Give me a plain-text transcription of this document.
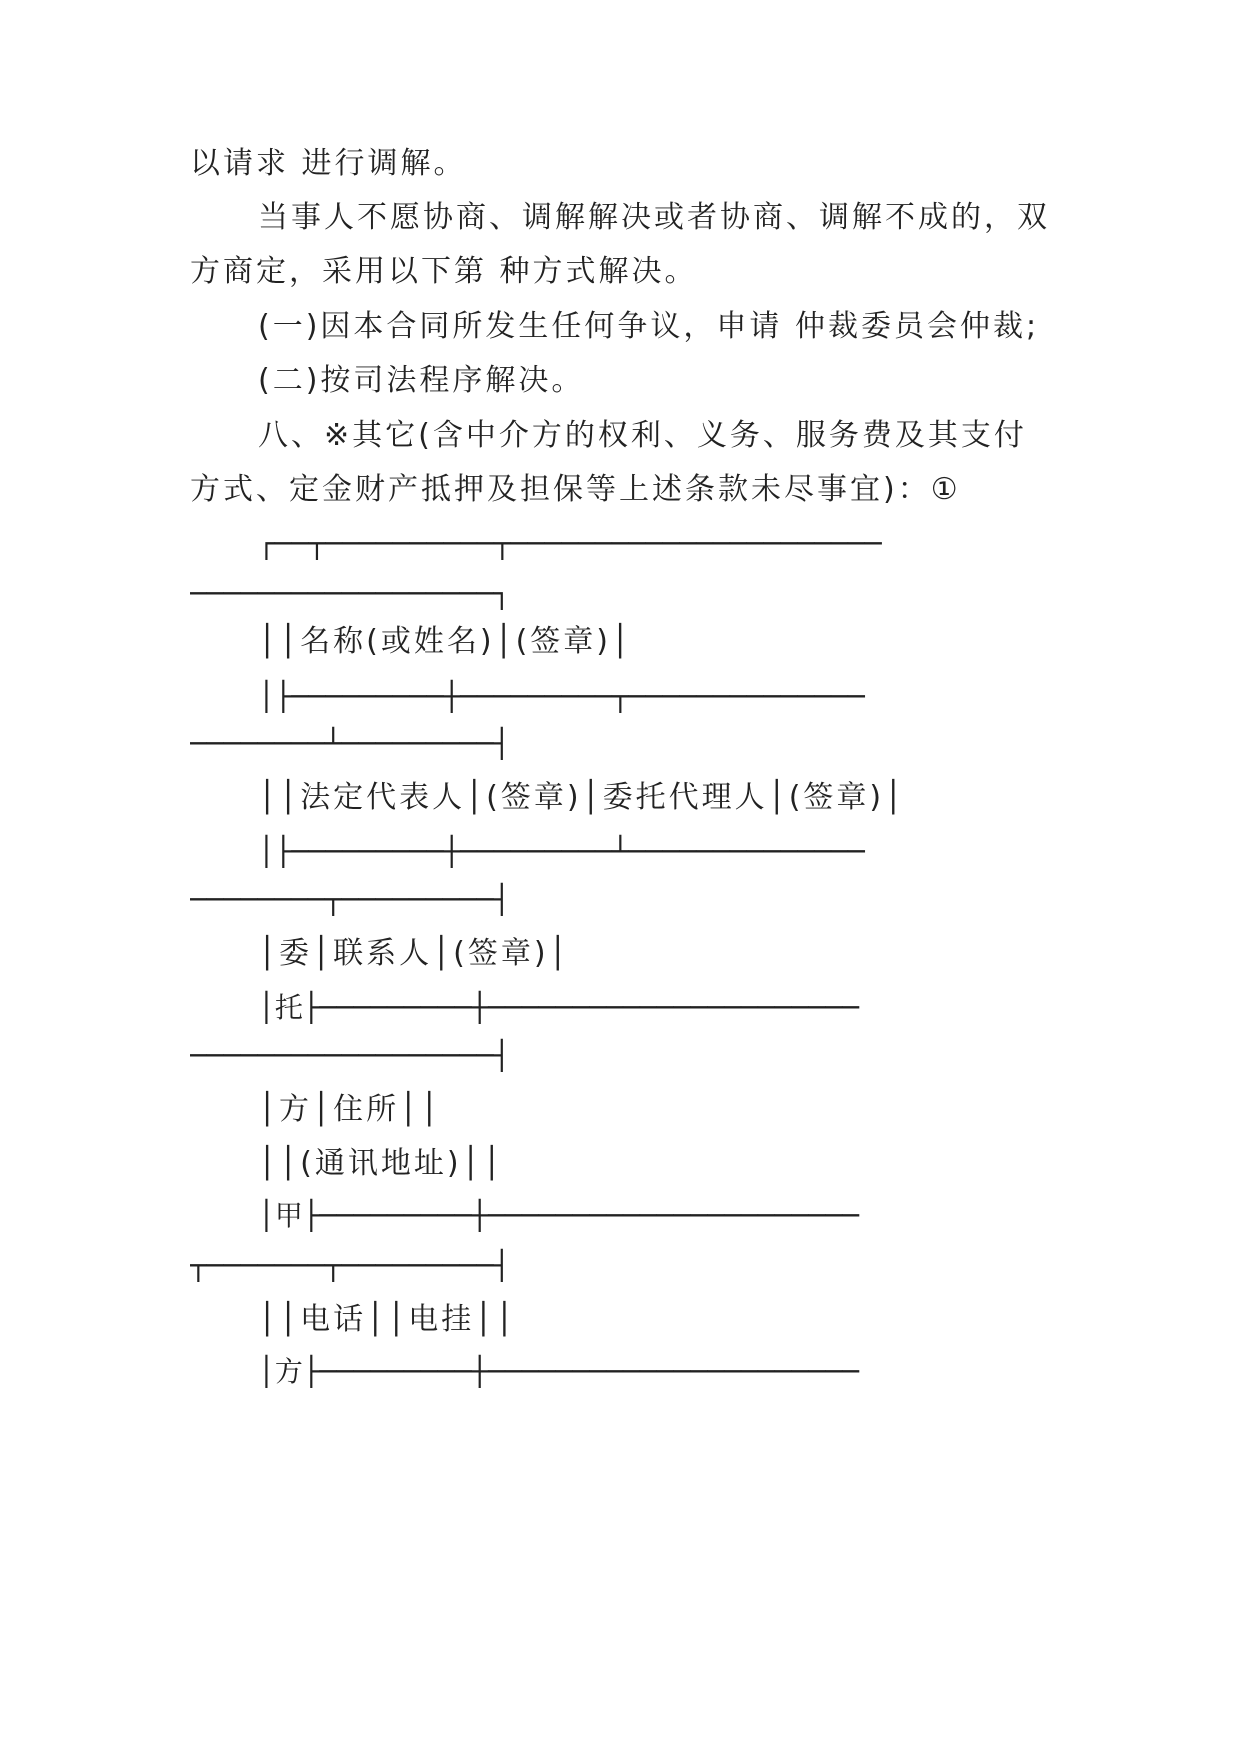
以请求 进行调解。
当事人不愿协商、调解解决或者协商、调解不成的，双
方商定，采用以下第 种方式解决。
(一)因本合同所发生任何争议，申请 仲裁委员会仲裁;
(二)按司法程序解决。
八、※其它(含中介方的权利、义务、服务费及其支付
方式、定金财产抵押及担保等上述条款未尽事宜)：①
┌──┬──────────┬──────────────────────
──────────────────┐
││名称(或姓名)│(签章)│
│├─────────┼─────────┬──────────────
────────┴─────────┤
││法定代表人│(签章)│委托代理人│(签章)│
│├─────────┼─────────┴──────────────
────────┬─────────┤
│委│联系人│(签章)│
│托├─────────┼──────────────────────
──────────────────┤
│方│住所││
││(通讯地址)││
│甲├─────────┼──────────────────────
┬───────┬─────────┤
││电话││电挂││
│方├─────────┼──────────────────────
